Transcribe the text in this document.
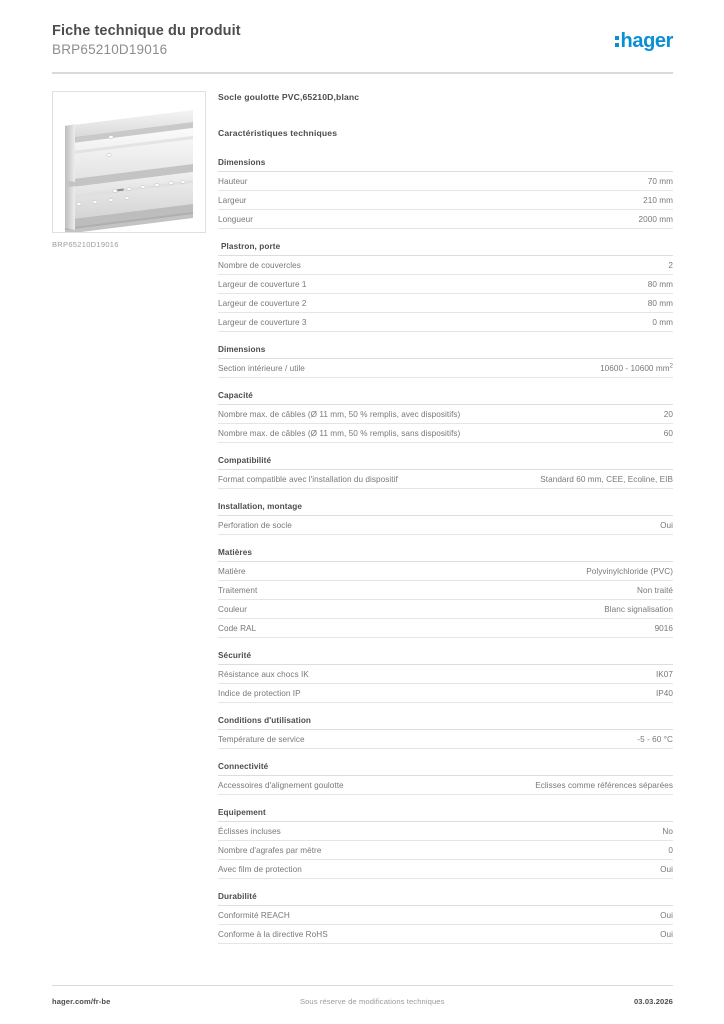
Fiche technique du produit
BRP65210D19016	hager
BRP65210D19016
Socle goulotte PVC,65210D,blanc
Caractéristiques techniques
Dimensions
Hauteur	70 mm
Largeur	210 mm
Longueur	2000 mm
Plastron, porte
Nombre de couvercles	2
Largeur de couverture 1	80 mm
Largeur de couverture 2	80 mm
Largeur de couverture 3	0 mm
Dimensions
Section intérieure / utile	10600 - 10600 $mm^2$
Capacité
Nombre max. de câbles (Ø 11 mm, 50 % remplis, avec dispositifs)	20
Nombre max. de câbles (Ø 11 mm, 50 % remplis, sans dispositifs)	60
Compatibilité
Format compatible avec l'installation du dispositif	Standard 60 mm, CEE, Ecoline, EIB
Installation, montage
Perforation de socle	Oui
Matières
Matière	Polyvinylchloride (PVC)
Traitement	Non traité
Couleur	Blanc signalisation
Code RAL	9016
Sécurité
Résistance aux chocs IK	IK07
Indice de protection IP	IP40
Conditions d'utilisation
Température de service	-5 - 60 °C
Connectivité
Accessoires d'alignement goulotte	Eclisses comme références séparées
Equipement
Éclisses incluses	No
Nombre d'agrafes par mètre	0
Avec film de protection	Oui
Durabilité
Conformité REACH	Oui
Conforme à la directive RoHS	Oui
hager.com/fr-be	Sous réserve de modifications techniques	03.03.2026
